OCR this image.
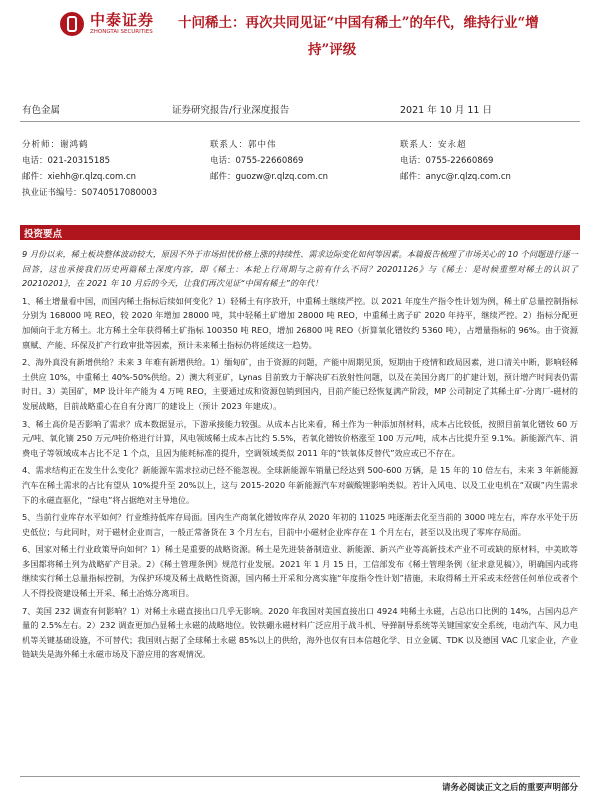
中泰证券
ZHONGTAI SECURITIES
十问稀土：再次共同见证“中国有稀土”的年代，维持行业“增
持”评级
有色金属	证券研究报告/行业深度报告	2021 年 10 月 11 日
分析师：谢鸿鹤
电话：021-20315185
邮件：xiehh@r.qlzq.com.cn
执业证书编号：S0740517080003
联系人：郭中伟
电话：0755-22660869
邮件：guozw@r.qlzq.com.cn
联系人：安永超
电话：0755-22660869
邮件：anyc@r.qlzq.com.cn
投资要点

9 月份以来，稀土板块整体波动较大，原因不外于市场担忧价格上涨的持续性、需求边际变化如何等因素。本篇报告梳理了市场关心的 10 个问题进行逐一回答，这也承接我们历史两篇稀土深度内容，即《稀土：本轮上行周期与之前有什么不同？20201126》与《稀土：是时候重塑对稀土的认识了 20210201》，在 2021 年 10 月后的今天，让我们再次见证“中国有稀土”的年代！

1、稀土增量看中国，而国内稀土指标后续如何变化？1）轻稀土有序放开，中重稀土继续严控。以 2021 年度生产指令性计划为例，稀土矿总量控制指标分别为 168000 吨 REO，较 2020 年增加 28000 吨，其中轻稀土矿增加 28000 吨 REO，中重稀土离子矿 2020 年持平，继续严控。2）指标分配更加倾向于北方稀土。北方稀土全年获得稀土矿指标 100350 吨 REO，增加 26800 吨 REO（折算氧化镨钕约 5360 吨），占增量指标的 96%。由于资源禀赋、产能、环保及扩产行政审批等因素，预计未来稀土指标仍将延续这一趋势。

2、海外真没有新增供给？未来 3 年难有新增供给。1）缅甸矿，由于资源的问题，产能中周期见顶，短期由于疫情和政局因素，进口清关中断，影响轻稀土供应 10%，中重稀土 40%-50%供给。2）澳大利亚矿，Lynas 目前致力于解决矿石放射性问题，以及在美国分离厂的扩建计划，预计增产时间表仍需时日。3）美国矿，MP 设计年产能为 4 万吨 REO，主要通过成和资源包销到国内，目前产能已经恢复满产阶段，MP 公司制定了其稀土矿-分离厂-磁材的发展战略，目前战略重心在自有分离厂的建设上（预计 2023 年建成）。

3、稀土高价是否影响了需求？成本数据显示，下游承接能力较强。从成本占比来看，稀土作为一种添加剂材料，成本占比较低，按照目前氧化镨钕 60 万元/吨、氧化镝 250 万元/吨价格进行计算，风电领域稀土成本占比约 5.5%，若氧化镨钕价格涨至 100 万元/吨，成本占比提升至 9.1%。新能源汽车、消费电子等领域成本占比不足 1 个点，且因为能耗标准的提升，空调领域类似 2011 年的“铁氧体反替代”效应或已不存在。

4、需求结构正在发生什么变化？新能源车需求拉动已经不能忽视。全球新能源车销量已经达到 500-600 万辆，是 15 年的 10 倍左右，未来 3 年新能源汽车在稀土需求的占比有望从 10%提升至 20%以上，这与 2015-2020 年新能源汽车对碳酸锂影响类似。若计入风电、以及工业电机在“双碳”内生需求下的永磁直驱化，“绿电”将占据绝对主导地位。

5、当前行业库存水平如何？行业维持低库存局面。国内生产商氧化镨钕库存从 2020 年初的 11025 吨逐渐去化至当前的 3000 吨左右，库存水平处于历史低位；与此同时，对于磁材企业而言，一般正常备货在 3 个月左右，目前中小磁材企业库存在 1 个月左右，甚至以及出现了零库存局面。

6、国家对稀土行业政策导向如何？1）稀土是重要的战略资源。稀土是先进装备制造业、新能源、新兴产业等高新技术产业不可或缺的原材料，中美欧等多国都将稀土列为战略矿产目录。2）《稀土管理条例》规范行业发展。2021 年 1 月 15 日，工信部发布《稀土管理条例（征求意见稿）》，明确国内或将继续实行稀土总量指标控制，为保护环境及稀土战略性资源，国内稀土开采和分离实施“年度指令性计划”措施，未取得稀土开采或未经营任何单位或者个人不得投资建设稀土开采、稀土冶炼分离项目。

7、美国 232 调查有何影响？1）对稀土永磁直接出口几乎无影响。2020 年我国对美国直接出口 4924 吨稀土永磁，占总出口比例的 14%，占国内总产量的 2.5%左右。2）232 调查更加凸显稀土永磁的战略地位。钕铁硼永磁材料广泛应用于战斗机、导弹制导系统等关键国家安全系统，电动汽车、风力电机等关键基础设施，不可替代；我国则占据了全球稀土永磁 85%以上的供给，海外也仅有日本信越化学、日立金属、TDK 以及德国 VAC 几家企业，产业链缺失是海外稀土永磁市场及下游应用的客观情况。

请务必阅读正文之后的重要声明部分
